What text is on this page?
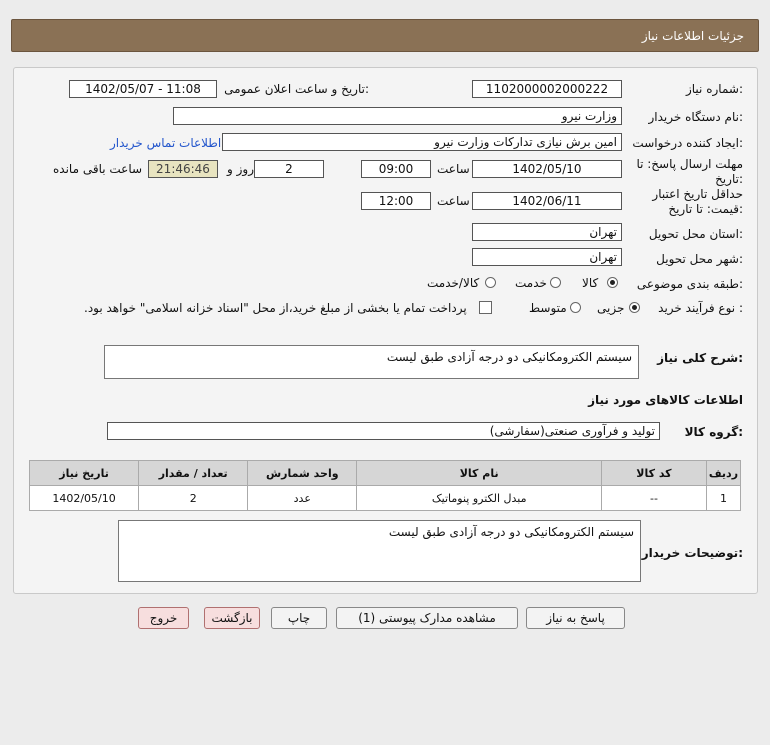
جزئیات اطلاعات نیاز
شماره نیاز:
1102000002000222
تاریخ و ساعت اعلان عمومی:
1402/05/07 - 11:08
نام دستگاه خریدار:
وزارت نیرو
ایجاد کننده درخواست:
امین برش نیازی تدارکات وزارت نیرو
اطلاعات تماس خریدار
مهلت ارسال پاسخ: تا
تاریخ:
1402/05/10
ساعت
09:00
2
روز و
21:46:46
ساعت باقی مانده
حداقل تاریخ اعتبار
قیمت: تا تاریخ:
1402/06/11
ساعت
12:00
استان محل تحویل:
تهران
شهر محل تحویل:
تهران
طبقه بندی موضوعی:
کالا
خدمت
کالا/خدمت
نوع فرآیند خرید :
جزیی
متوسط
پرداخت تمام یا بخشی از مبلغ خرید،از محل "اسناد خزانه اسلامی" خواهد بود.
شرح کلی نیاز:
سیستم الکترومکانیکی دو درجه آزادی طبق لیست
اطلاعات کالاهای مورد نیاز
گروه کالا:
تولید و فرآوری صنعتی(سفارشی)
ردیف	کد کالا	نام کالا	واحد شمارش	تعداد / مقدار	تاریخ نیاز
1	--	مبدل الکترو پنوماتیک	عدد	2	1402/05/10
توضیحات خریدار:
سیستم الکترومکانیکی دو درجه آزادی طبق لیست
پاسخ به نیاز
مشاهده مدارک پیوستی (1)
چاپ
بازگشت
خروج
